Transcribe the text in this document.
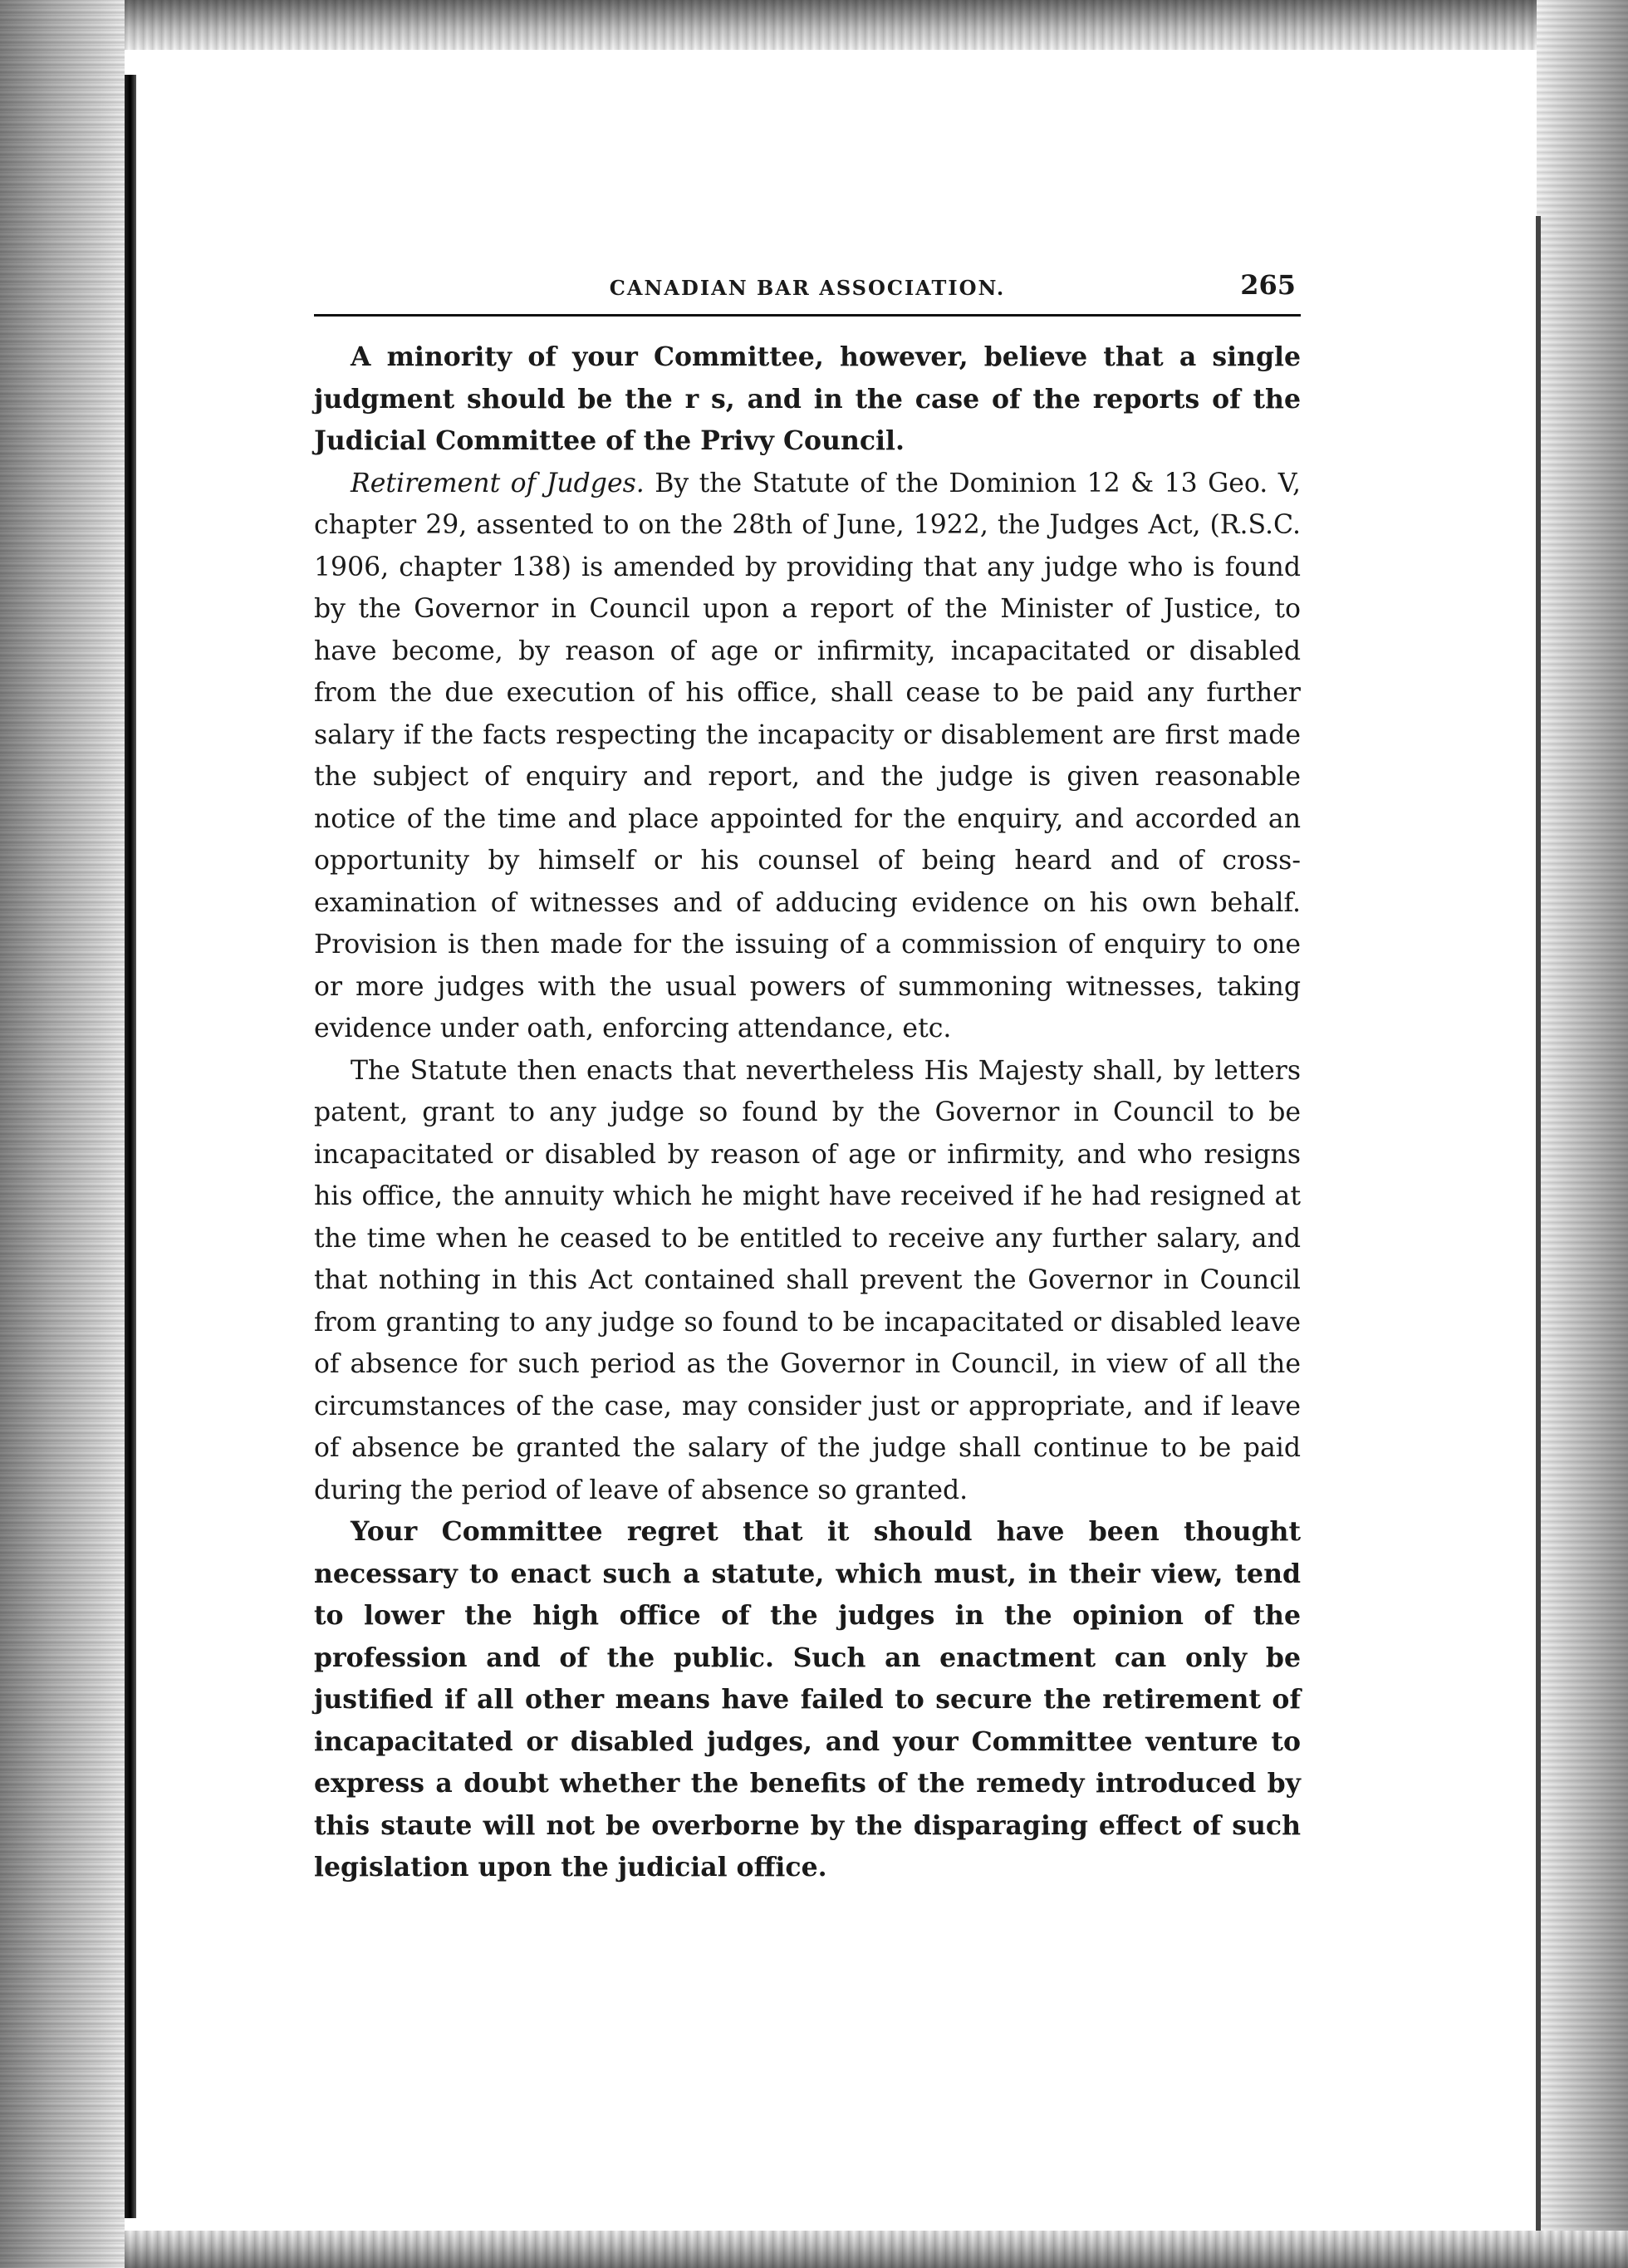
CANADIAN BAR ASSOCIATION.	265

A minority of your Committee, however, believe that a single judgment should be the r s, and in the case of the reports of the Judicial Committee of the Privy Council.

Retirement of Judges. By the Statute of the Dominion 12 & 13 Geo. V, chapter 29, assented to on the 28th of June, 1922, the Judges Act, (R.S.C. 1906, chapter 138) is amended by providing that any judge who is found by the Governor in Council upon a report of the Minister of Justice, to have become, by reason of age or infirmity, incapacitated or disabled from the due execution of his office, shall cease to be paid any further salary if the facts respecting the incapacity or disablement are first made the subject of enquiry and report, and the judge is given reasonable notice of the time and place appointed for the enquiry, and accorded an opportunity by himself or his counsel of being heard and of cross-examination of witnesses and of adducing evidence on his own behalf. Provision is then made for the issuing of a commission of enquiry to one or more judges with the usual powers of summoning witnesses, taking evidence under oath, enforcing attendance, etc.

The Statute then enacts that nevertheless His Majesty shall, by letters patent, grant to any judge so found by the Governor in Council to be incapacitated or disabled by reason of age or infirmity, and who resigns his office, the annuity which he might have received if he had resigned at the time when he ceased to be entitled to receive any further salary, and that nothing in this Act contained shall prevent the Governor in Council from granting to any judge so found to be incapacitated or disabled leave of absence for such period as the Governor in Council, in view of all the circumstances of the case, may consider just or appropriate, and if leave of absence be granted the salary of the judge shall continue to be paid during the period of leave of absence so granted.

Your Committee regret that it should have been thought necessary to enact such a statute, which must, in their view, tend to lower the high office of the judges in the opinion of the profession and of the public. Such an enactment can only be justified if all other means have failed to secure the retirement of incapacitated or disabled judges, and your Committee venture to express a doubt whether the benefits of the remedy introduced by this staute will not be overborne by the disparaging effect of such legislation upon the judicial office.
